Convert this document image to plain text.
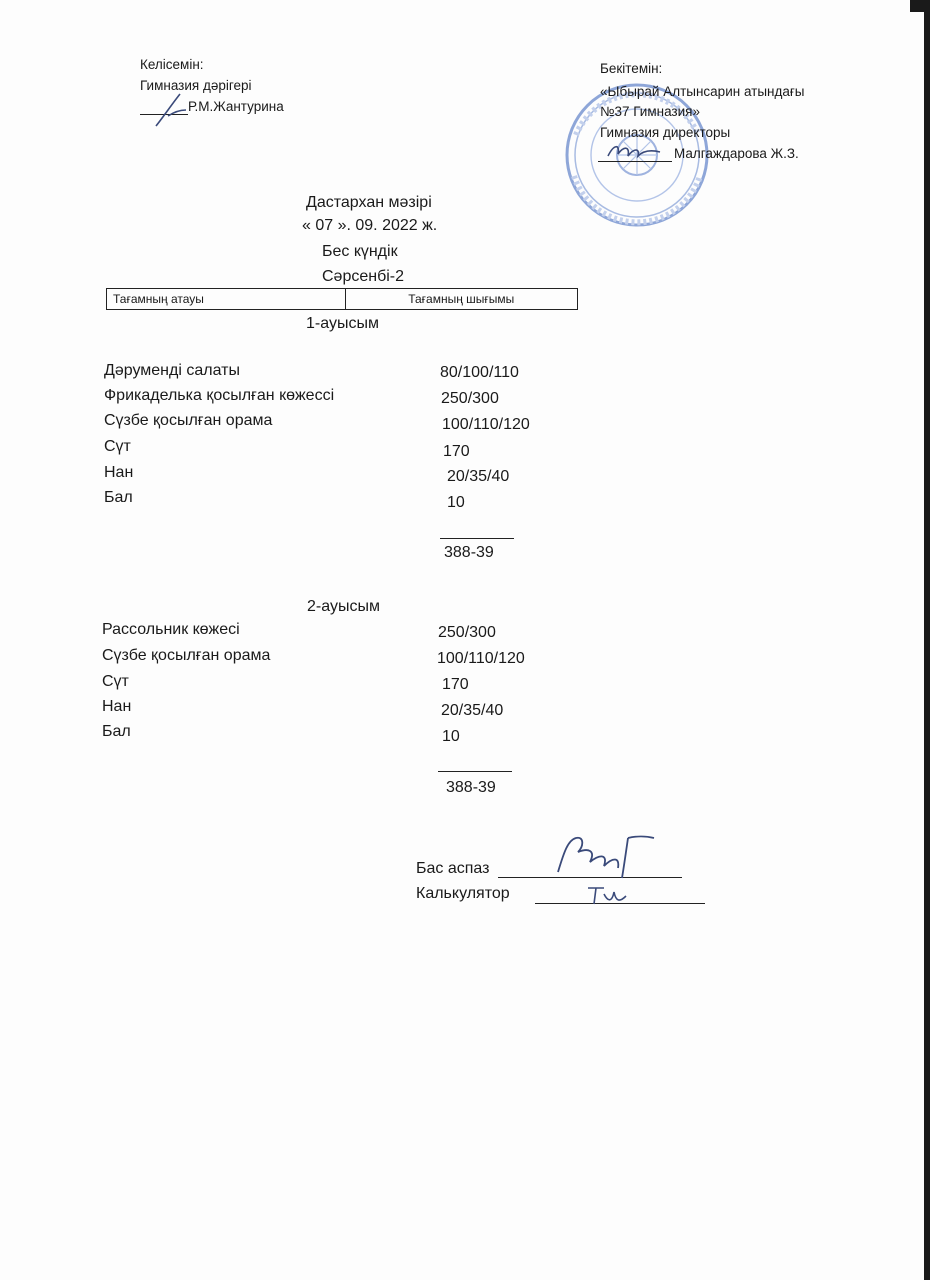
Келісемін:
Гимназия дәрігері
Р.М.Жантурина
Бекітемін:
«Ыбырай Алтынсарин атындағы
№37 Гимназия»
Гимназия директоры
Малгаждарова Ж.З.
Дастархан мәзірі
« 07 ». 09. 2022 ж.
Бес күндік
Сәрсенбі-2
Тағамның атауы	Тағамның шығымы
1-ауысым
Дәруменді салаты	80/100/110
Фрикаделька қосылған көжессі	250/300
Сүзбе қосылған орама	100/110/120
Сүт	170
Нан	20/35/40
Бал	10
388-39
2-ауысым
Рассольник көжесі	250/300
Сүзбе қосылған орама	100/110/120
Сүт	170
Нан	20/35/40
Бал	10
388-39
Бас аспаз
Калькулятор
